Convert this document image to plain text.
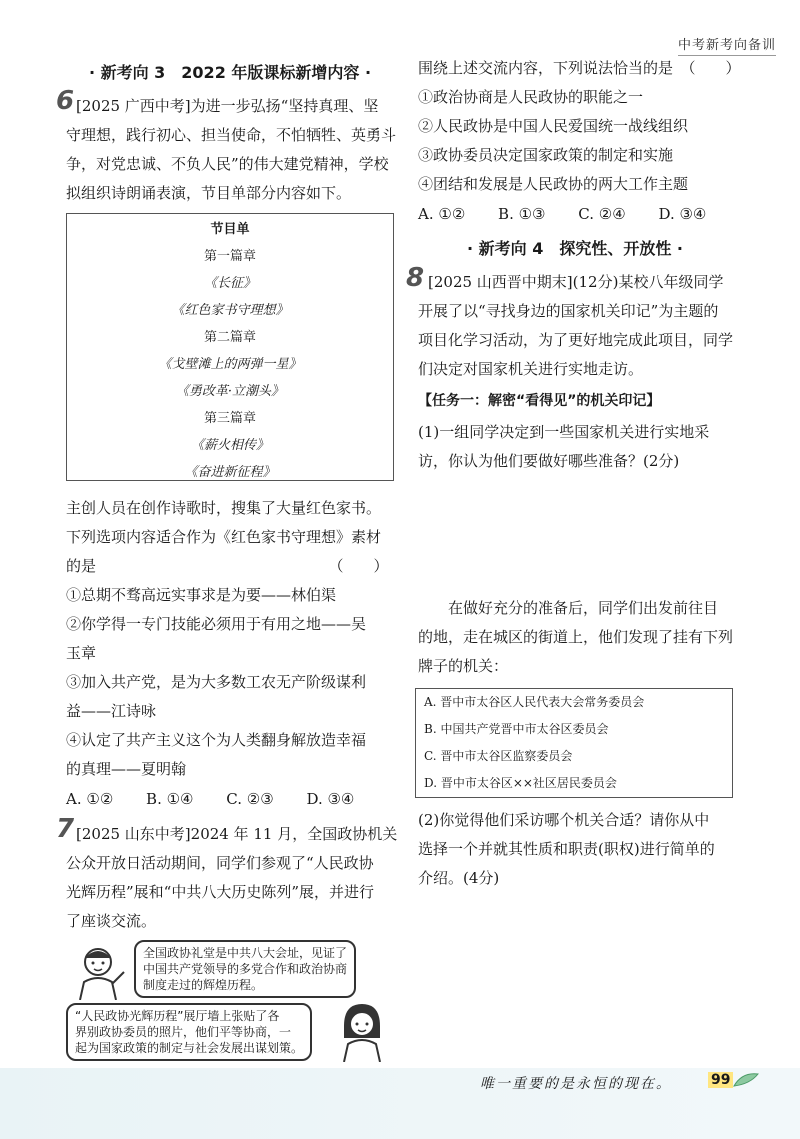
中考新考向备训
· 新考向 3　2022 年版课标新增内容 ·
6 [2025 广西中考]为进一步弘扬“坚持真理、坚
守理想，践行初心、担当使命，不怕牺牲、英勇斗
争，对党忠诚、不负人民”的伟大建党精神，学校
拟组织诗朗诵表演，节目单部分内容如下。
节目单
第一篇章
《长征》
《红色家书守理想》
第二篇章
《戈壁滩上的两弹一星》
《勇改革·立潮头》
第三篇章
《薪火相传》
《奋进新征程》
主创人员在创作诗歌时，搜集了大量红色家书。
下列选项内容适合作为《红色家书守理想》素材
的是　　　　　　　　　　　　　　　　（　　）
①总期不骛高远实事求是为要——林伯渠
②你学得一专门技能必须用于有用之地——吴
玉章
③加入共产党，是为大多数工农无产阶级谋利
益——江诗咏
④认定了共产主义这个为人类翻身解放造幸福
的真理——夏明翰
A. ①② B. ①④ C. ②③ D. ③④
7 [2025 山东中考]2024 年 11 月，全国政协机关
公众开放日活动期间，同学们参观了“人民政协
光辉历程”展和“中共八大历史陈列”展，并进行
了座谈交流。
全国政协礼堂是中共八大会址，见证了
中国共产党领导的多党合作和政治协商
制度走过的辉煌历程。
“人民政协光辉历程”展厅墙上张贴了各
界别政协委员的照片，他们平等协商，一
起为国家政策的制定与社会发展出谋划策。
围绕上述交流内容，下列说法恰当的是　（　　）
①政治协商是人民政协的职能之一
②人民政协是中国人民爱国统一战线组织
③政协委员决定国家政策的制定和实施
④团结和发展是人民政协的两大工作主题
A. ①② B. ①③ C. ②④ D. ③④
· 新考向 4　探究性、开放性 ·
8 [2025 山西晋中期末](12分)某校八年级同学
开展了以“寻找身边的国家机关印记”为主题的
项目化学习活动，为了更好地完成此项目，同学
们决定对国家机关进行实地走访。
【任务一：解密“看得见”的机关印记】
(1)一组同学决定到一些国家机关进行实地采
访，你认为他们要做好哪些准备？(2分)
在做好充分的准备后，同学们出发前往目
的地，走在城区的街道上，他们发现了挂有下列
牌子的机关：
A. 晋中市太谷区人民代表大会常务委员会
B. 中国共产党晋中市太谷区委员会
C. 晋中市太谷区监察委员会
D. 晋中市太谷区××社区居民委员会
(2)你觉得他们采访哪个机关合适？请你从中
选择一个并就其性质和职责(职权)进行简单的
介绍。(4分)
唯一重要的是永恒的现在。	99
